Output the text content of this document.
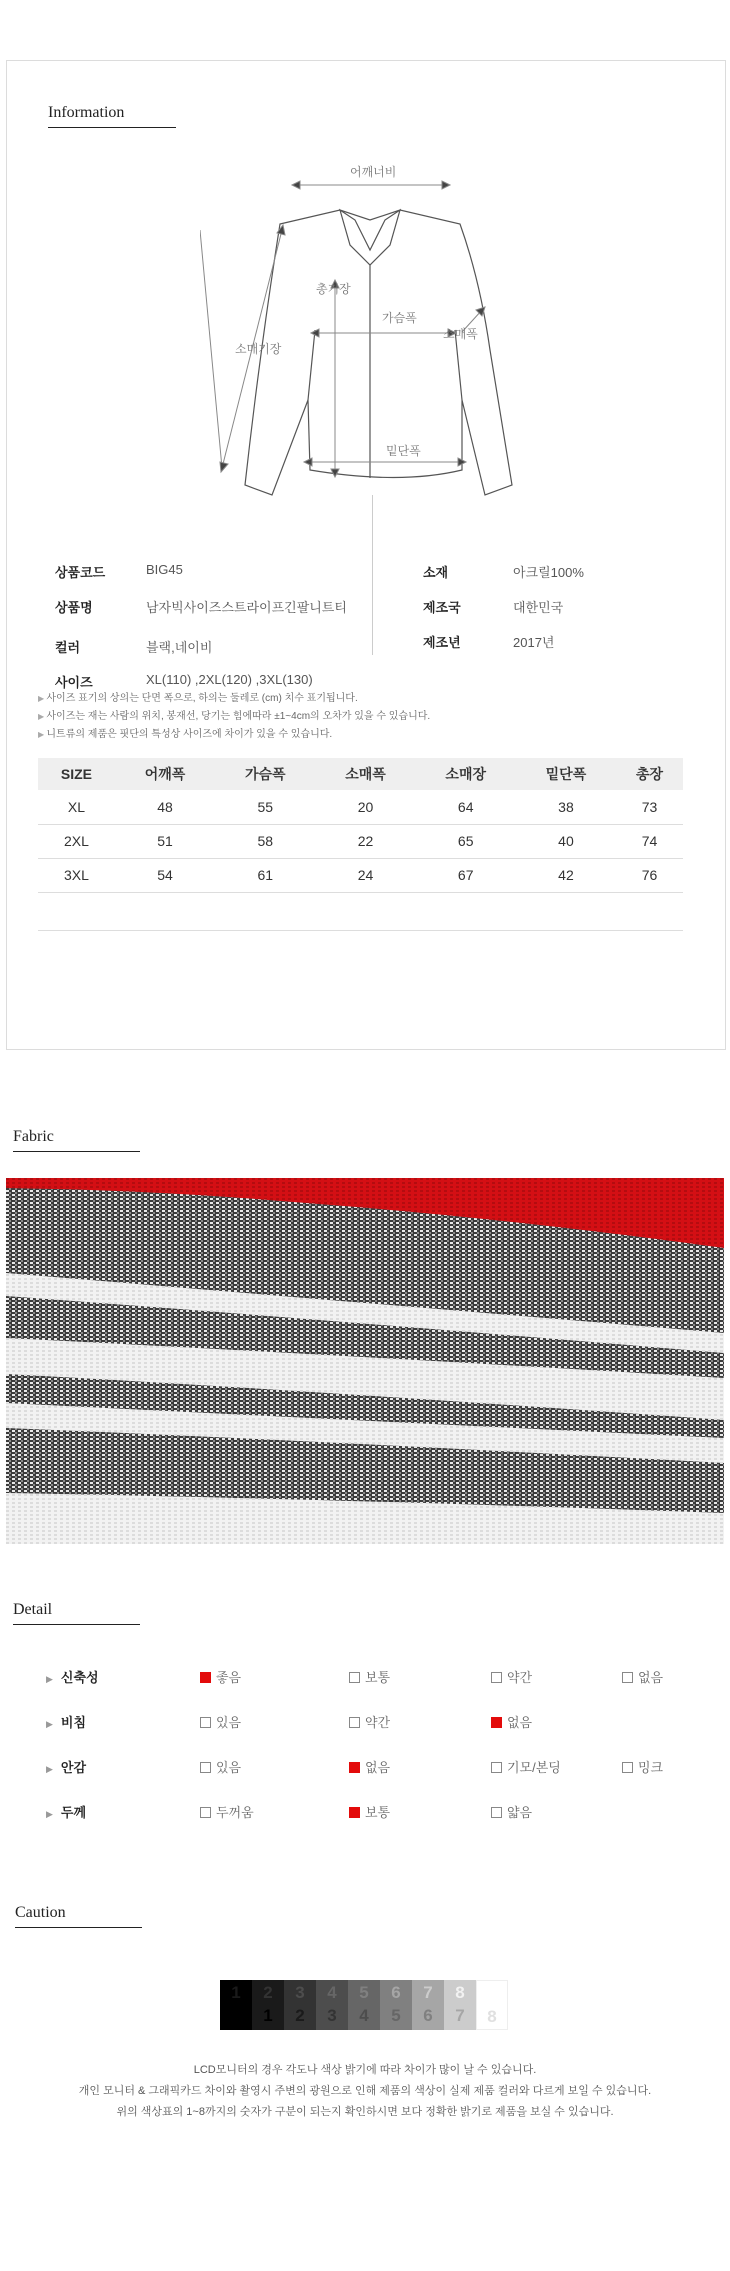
Information
어깨너비
총기장
가슴폭
소매폭
소매기장
밑단폭
상품코드	BIG45
상품명	남자빅사이즈스트라이프긴팔니트티
컬러	블랙,네이비
사이즈	XL(110) ,2XL(120) ,3XL(130)
소재	아크릴100%
제조국	대한민국
제조년	2017년
▶ 사이즈 표기의 상의는 단면 폭으로, 하의는 둘레로 (cm) 치수 표기됩니다.
▶ 사이즈는 재는 사람의 위치, 봉재선, 당기는 힘에따라 ±1~4cm의 오차가 있을 수 있습니다.
▶ 니트류의 제품은 핏단의 특성상 사이즈에 차이가 있을 수 있습니다.
SIZE	어깨폭	가슴폭	소매폭	소매장	밑단폭	총장
XL	48	55	20	64	38	73
2XL	51	58	22	65	40	74
3XL	54	61	24	67	42	76
Fabric
Detail
▶ 신축성	좋음	보통	약간	없음
▶ 비침	있음	약간	없음
▶ 안감	있음	없음	기모/본딩	밍크
▶ 두께	두꺼움	보통	얇음
Caution
1	2
1
3
2
4
3
5
4
6
5
7
6
8
7	8
LCD모니터의 경우 각도나 색상 밝기에 따라 차이가 많이 날 수 있습니다.
개인 모니터 & 그래픽카드 차이와 촬영시 주변의 광원으로 인해 제품의 색상이 실제 제품 컬러와 다르게 보일 수 있습니다.
위의 색상표의 1~8까지의 숫자가 구분이 되는지 확인하시면 보다 정확한 밝기로 제품을 보실 수 있습니다.
